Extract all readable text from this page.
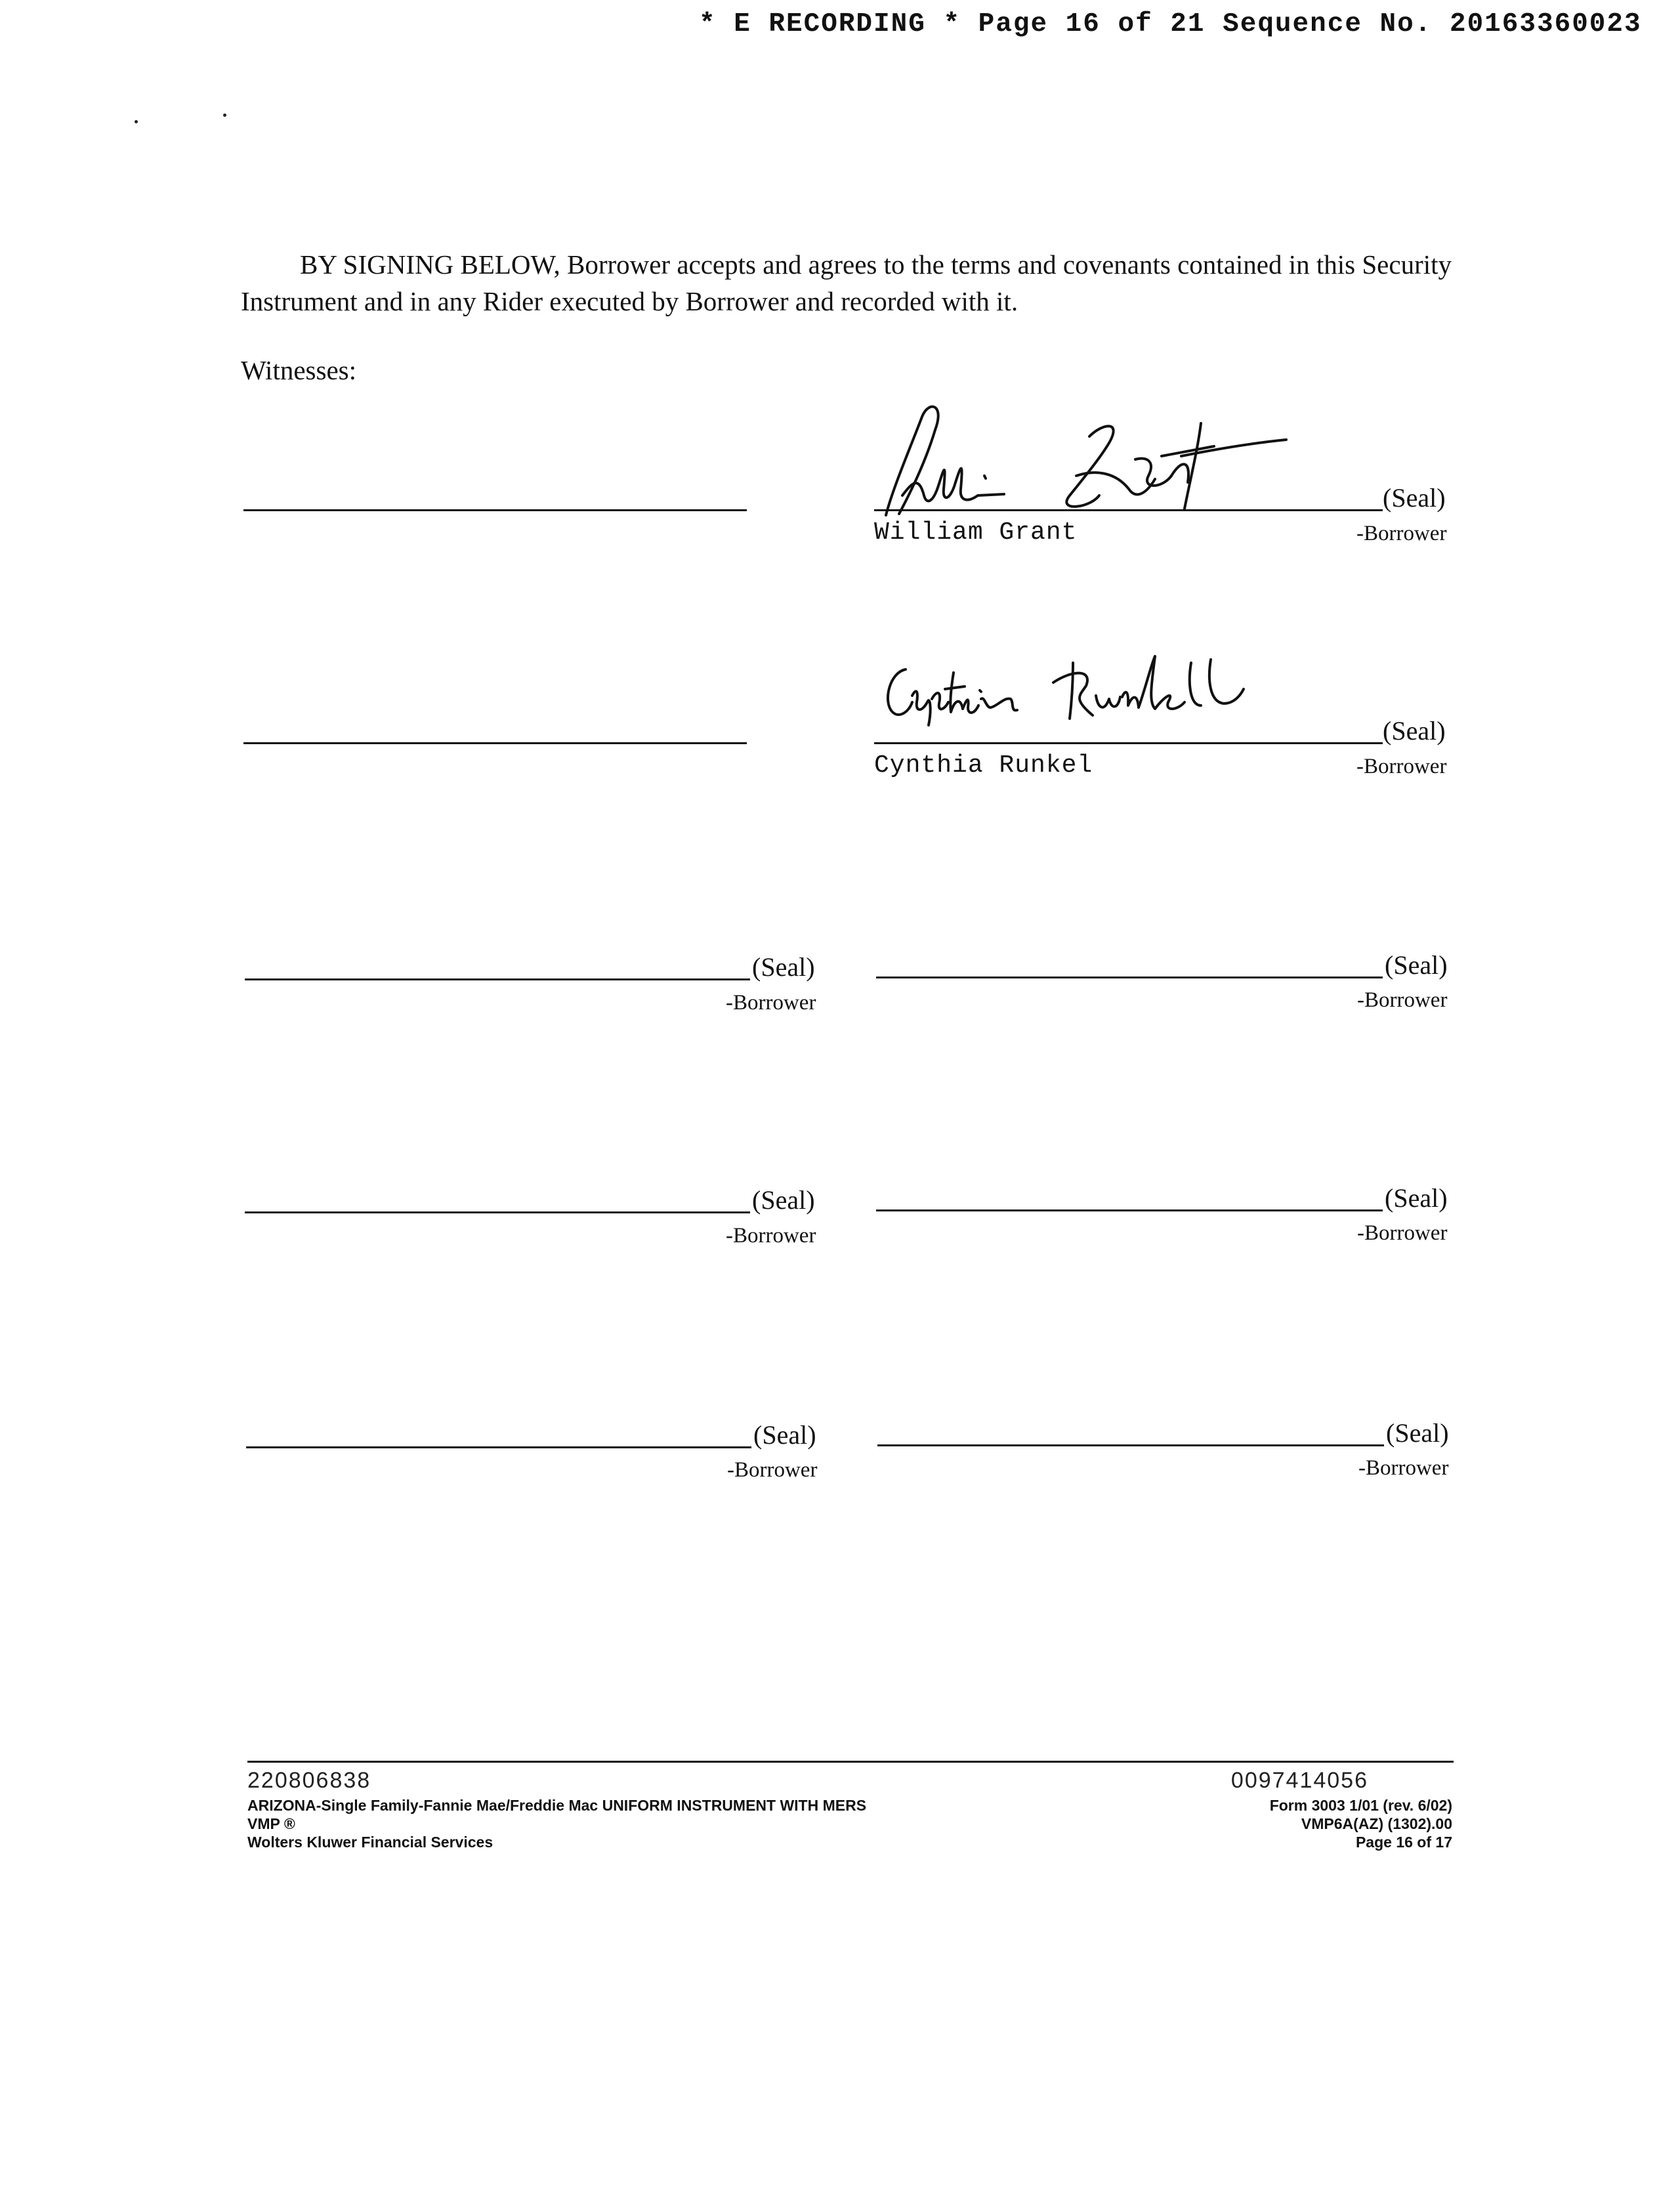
* E RECORDING * Page 16 of 21 Sequence No. 20163360023
BY SIGNING BELOW, Borrower accepts and agrees to the terms and covenants contained in this Security Instrument and in any Rider executed by Borrower and recorded with it.
Witnesses:
(Seal)
William Grant	-Borrower
(Seal)
Cynthia Runkel	-Borrower
(Seal)
-Borrower
(Seal)
-Borrower
(Seal)
-Borrower
(Seal)
-Borrower
(Seal)
-Borrower
(Seal)
-Borrower
220806838
ARIZONA-Single Family-Fannie Mae/Freddie Mac UNIFORM INSTRUMENT WITH MERS
VMP ®
Wolters Kluwer Financial Services
0097414056
Form 3003 1/01 (rev. 6/02)
VMP6A(AZ) (1302).00
Page 16 of 17
